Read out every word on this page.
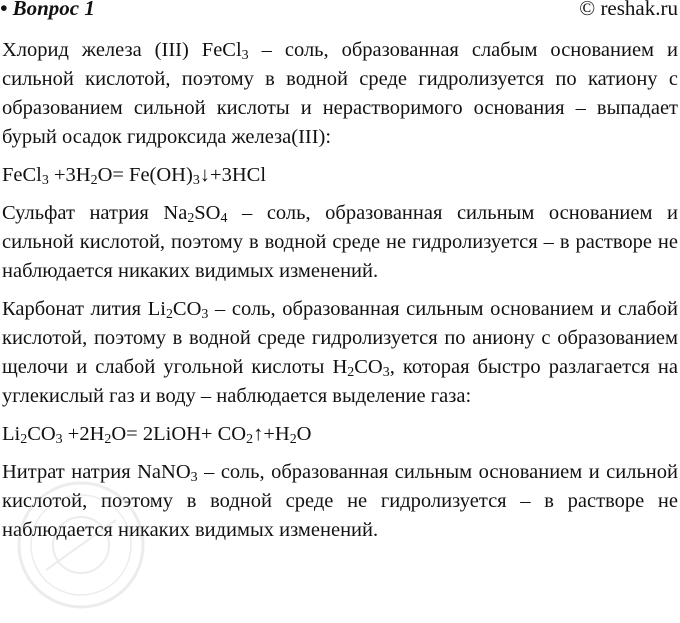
• Вопрос 1	© reshak.ru

Хлорид железа (III) FeCl$_3$ – соль, образованная слабым основанием и сильной кислотой, поэтому в водной среде гидролизуется по катиону с образованием сильной кислоты и нерастворимого основания – выпадает бурый осадок гидроксида железа(III):

FeCl$_3$ $+3H_2O=$ $Fe(OH)_3↓+3HCl$

Сульфат натрия $Na_2SO_4$ – соль, образованная сильным основанием и сильной кислотой, поэтому в водной среде не гидролизуется – в растворе не наблюдается никаких видимых изменений.

Карбонат лития $Li_2CO_3$ – соль, образованная сильным основанием и слабой кислотой, поэтому в водной среде гидролизуется по аниону с образованием щелочи и слабой угольной кислоты $H_2CO_3$, которая быстро разлагается на углекислый газ и воду – наблюдается выделение газа:

$Li_2CO_3 +2H_2O=$ 2LiOH+ $CO_2↑+H_2O$

Нитрат натрия NaNO$_3$ – соль, образованная сильным основанием и сильной кислотой, поэтому в водной среде не гидролизуется – в растворе не наблюдается никаких видимых изменений.
